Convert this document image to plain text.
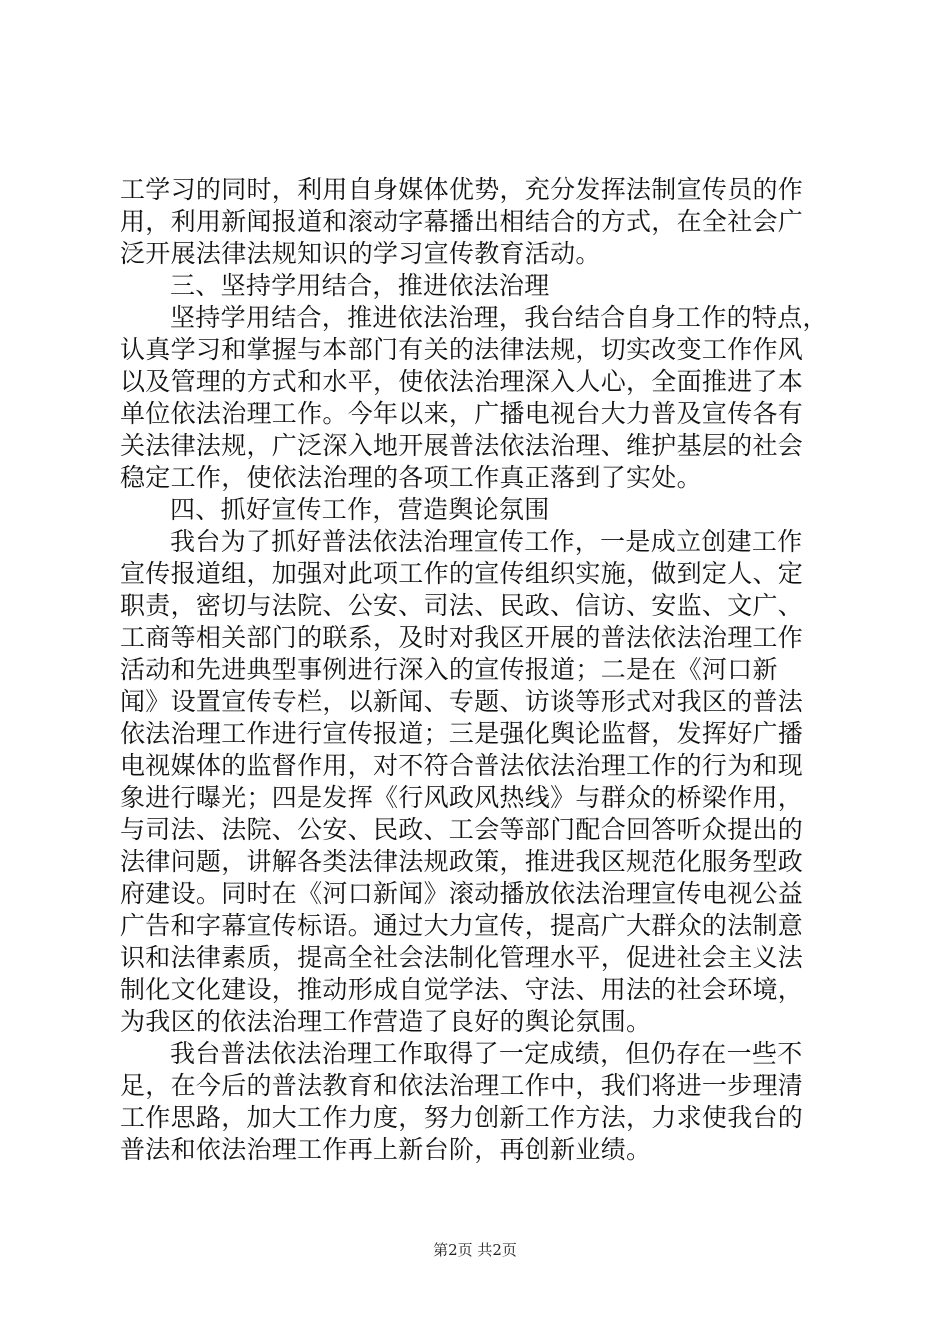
工学习的同时，利用自身媒体优势，充分发挥法制宣传员的作
用，利用新闻报道和滚动字幕播出相结合的方式，在全社会广
泛开展法律法规知识的学习宣传教育活动。
三、坚持学用结合，推进依法治理
坚持学用结合，推进依法治理，我台结合自身工作的特点，
认真学习和掌握与本部门有关的法律法规，切实改变工作作风
以及管理的方式和水平，使依法治理深入人心，全面推进了本
单位依法治理工作。今年以来，广播电视台大力普及宣传各有
关法律法规，广泛深入地开展普法依法治理、维护基层的社会
稳定工作，使依法治理的各项工作真正落到了实处。
四、抓好宣传工作，营造舆论氛围
我台为了抓好普法依法治理宣传工作，一是成立创建工作
宣传报道组，加强对此项工作的宣传组织实施，做到定人、定
职责，密切与法院、公安、司法、民政、信访、安监、文广、
工商等相关部门的联系，及时对我区开展的普法依法治理工作
活动和先进典型事例进行深入的宣传报道；二是在《河口新
闻》设置宣传专栏，以新闻、专题、访谈等形式对我区的普法
依法治理工作进行宣传报道；三是强化舆论监督，发挥好广播
电视媒体的监督作用，对不符合普法依法治理工作的行为和现
象进行曝光；四是发挥《行风政风热线》与群众的桥梁作用，
与司法、法院、公安、民政、工会等部门配合回答听众提出的
法律问题，讲解各类法律法规政策，推进我区规范化服务型政
府建设。同时在《河口新闻》滚动播放依法治理宣传电视公益
广告和字幕宣传标语。通过大力宣传，提高广大群众的法制意
识和法律素质，提高全社会法制化管理水平，促进社会主义法
制化文化建设，推动形成自觉学法、守法、用法的社会环境，
为我区的依法治理工作营造了良好的舆论氛围。
我台普法依法治理工作取得了一定成绩，但仍存在一些不
足，在今后的普法教育和依法治理工作中，我们将进一步理清
工作思路，加大工作力度，努力创新工作方法，力求使我台的
普法和依法治理工作再上新台阶，再创新业绩。
第2页 共2页
